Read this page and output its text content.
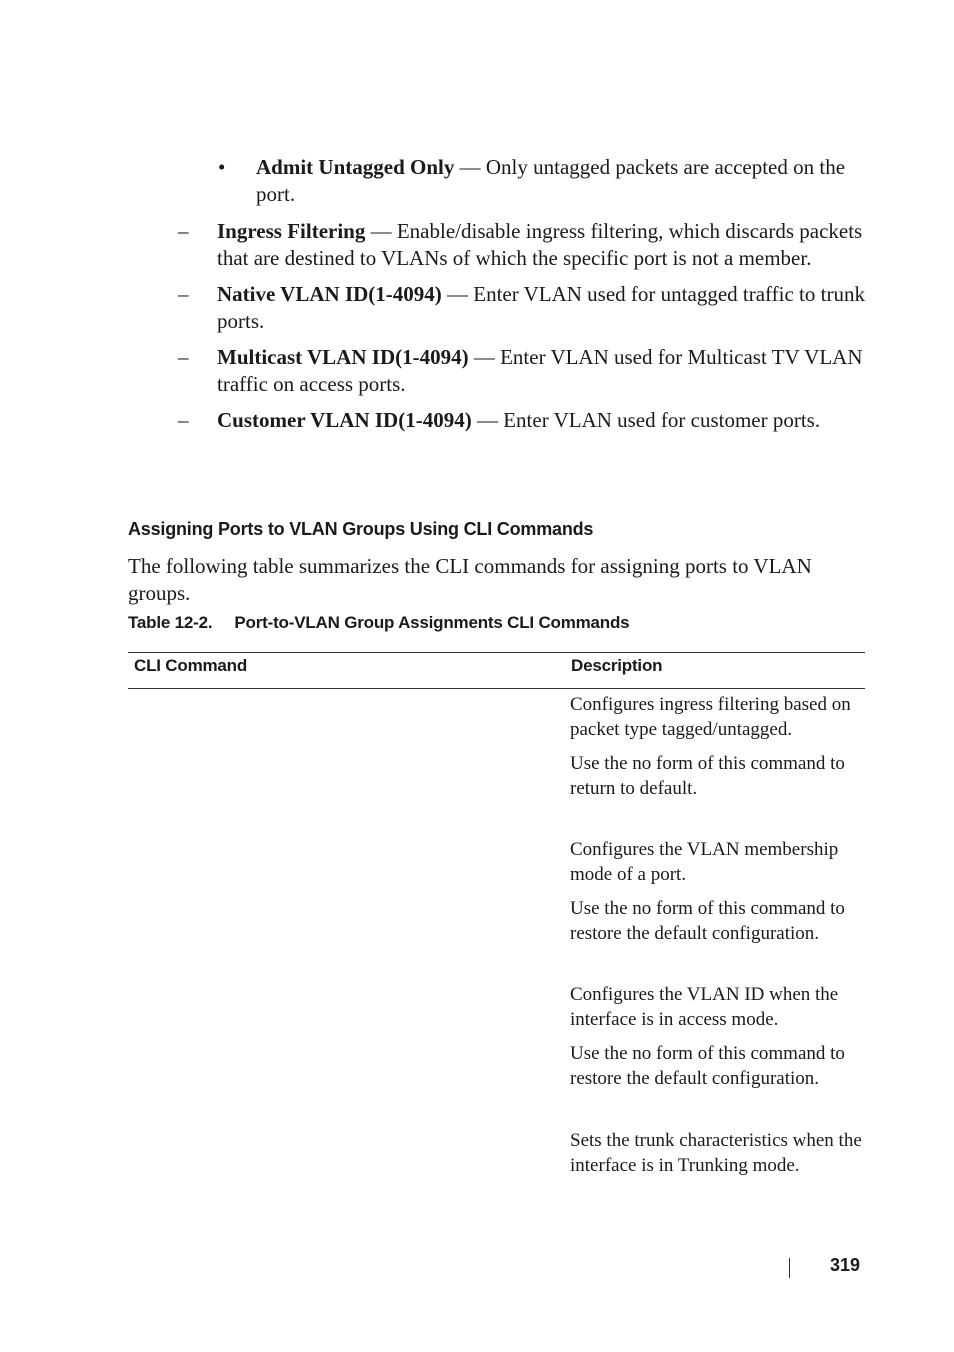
• Admit Untagged Only — Only untagged packets are accepted on the port.
– Ingress Filtering — Enable/disable ingress filtering, which discards packets that are destined to VLANs of which the specific port is not a member.
– Native VLAN ID(1-4094) — Enter VLAN used for untagged traffic to trunk ports.
– Multicast VLAN ID(1-4094) — Enter VLAN used for Multicast TV VLAN traffic on access ports.
– Customer VLAN ID(1-4094) — Enter VLAN used for customer ports.
Assigning Ports to VLAN Groups Using CLI Commands
The following table summarizes the CLI commands for assigning ports to VLAN groups.
Table 12-2. Port-to-VLAN Group Assignments CLI Commands
CLI Command	Description

Configures ingress filtering based on packet type tagged/untagged.

Use the no form of this command to return to default.

Configures the VLAN membership mode of a port.

Use the no form of this command to restore the default configuration.

Configures the VLAN ID when the interface is in access mode.

Use the no form of this command to restore the default configuration.

Sets the trunk characteristics when the interface is in Trunking mode.

319
